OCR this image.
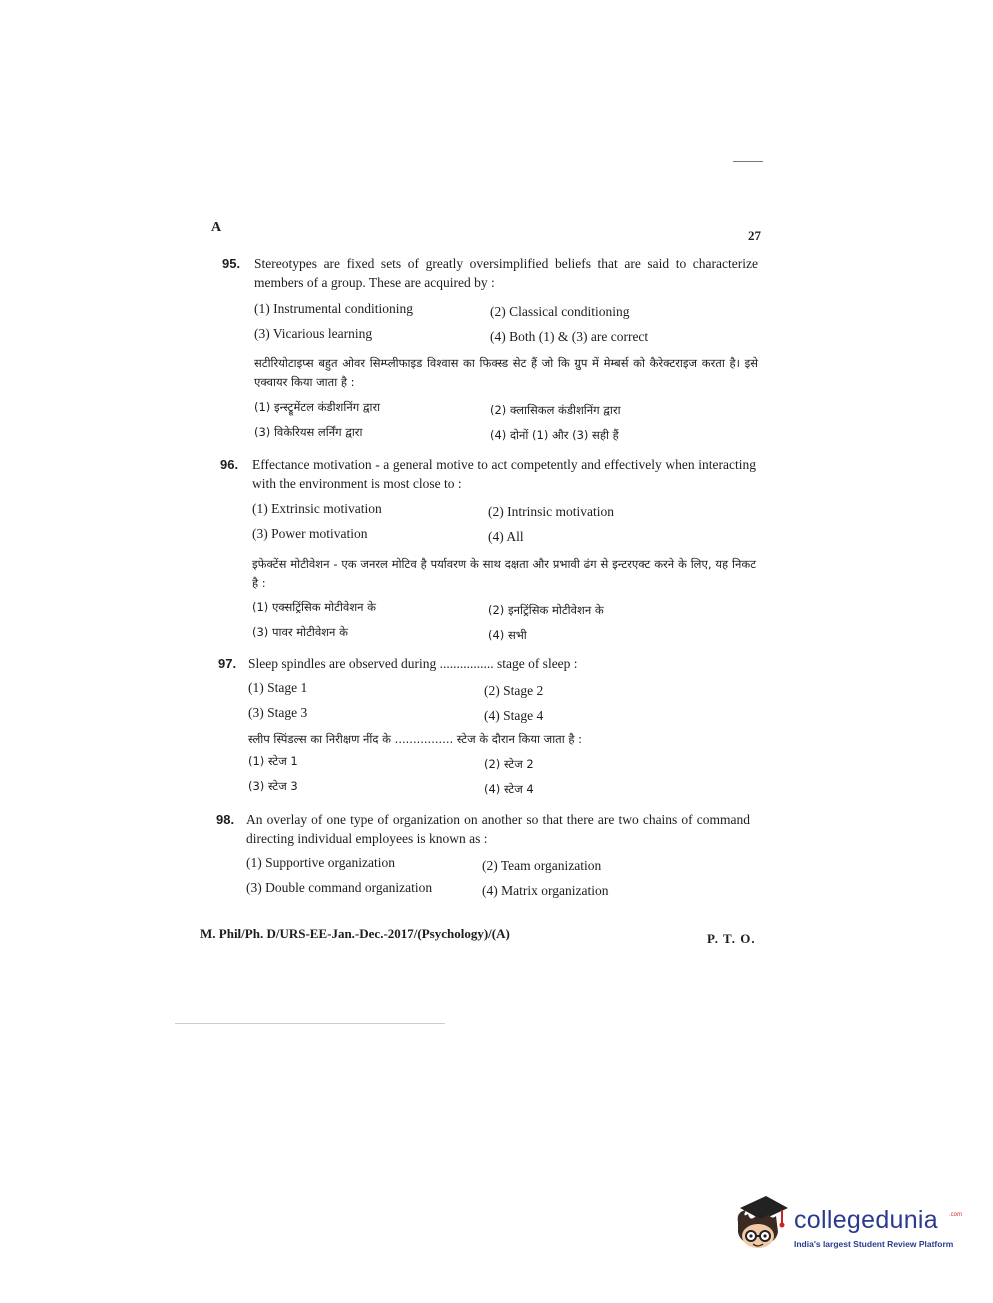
A
27
95. Stereotypes are fixed sets of greatly oversimplified beliefs that are said to characterize members of a group. These are acquired by :
(1) Instrumental conditioning	(2) Classical conditioning
(3) Vicarious learning	(4) Both (1) & (3) are correct
सटीरियोटाइप्स बहुत ओवर सिम्प्लीफाइड विश्वास का फिक्स्ड सेट हैं जो कि ग्रुप में मेम्बर्स को कैरेक्टराइज करता है। इसे एक्वायर किया जाता है :
(1) इन्स्ट्रूमेंटल कंडीशनिंग द्वारा	(2) क्लासिकल कंडीशनिंग द्वारा
(3) विकेरियस लर्निंग द्वारा	(4) दोनों (1) और (3) सही हैं
96. Effectance motivation - a general motive to act competently and effectively when interacting with the environment is most close to :
(1) Extrinsic motivation	(2) Intrinsic motivation
(3) Power motivation	(4) All
इफेक्टेंस मोटीवेशन - एक जनरल मोटिव है पर्यावरण के साथ दक्षता और प्रभावी ढंग से इन्टरएक्ट करने के लिए, यह निकट है :
(1) एक्सट्रिंसिक मोटीवेशन के	(2) इनट्रिंसिक मोटीवेशन के
(3) पावर मोटीवेशन के	(4) सभी
97. Sleep spindles are observed during ................ stage of sleep :
(1) Stage 1	(2) Stage 2
(3) Stage 3	(4) Stage 4
स्लीप स्पिंडल्स का निरीक्षण नींद के ................ स्टेज के दौरान किया जाता है :
(1) स्टेज 1	(2) स्टेज 2
(3) स्टेज 3	(4) स्टेज 4
98. An overlay of one type of organization on another so that there are two chains of command directing individual employees is known as :
(1) Supportive organization	(2) Team organization
(3) Double command organization	(4) Matrix organization
M. Phil/Ph. D/URS-EE-Jan.-Dec.-2017/(Psychology)/(A)	P. T. O.
collegedunia .com
India's largest Student Review Platform
